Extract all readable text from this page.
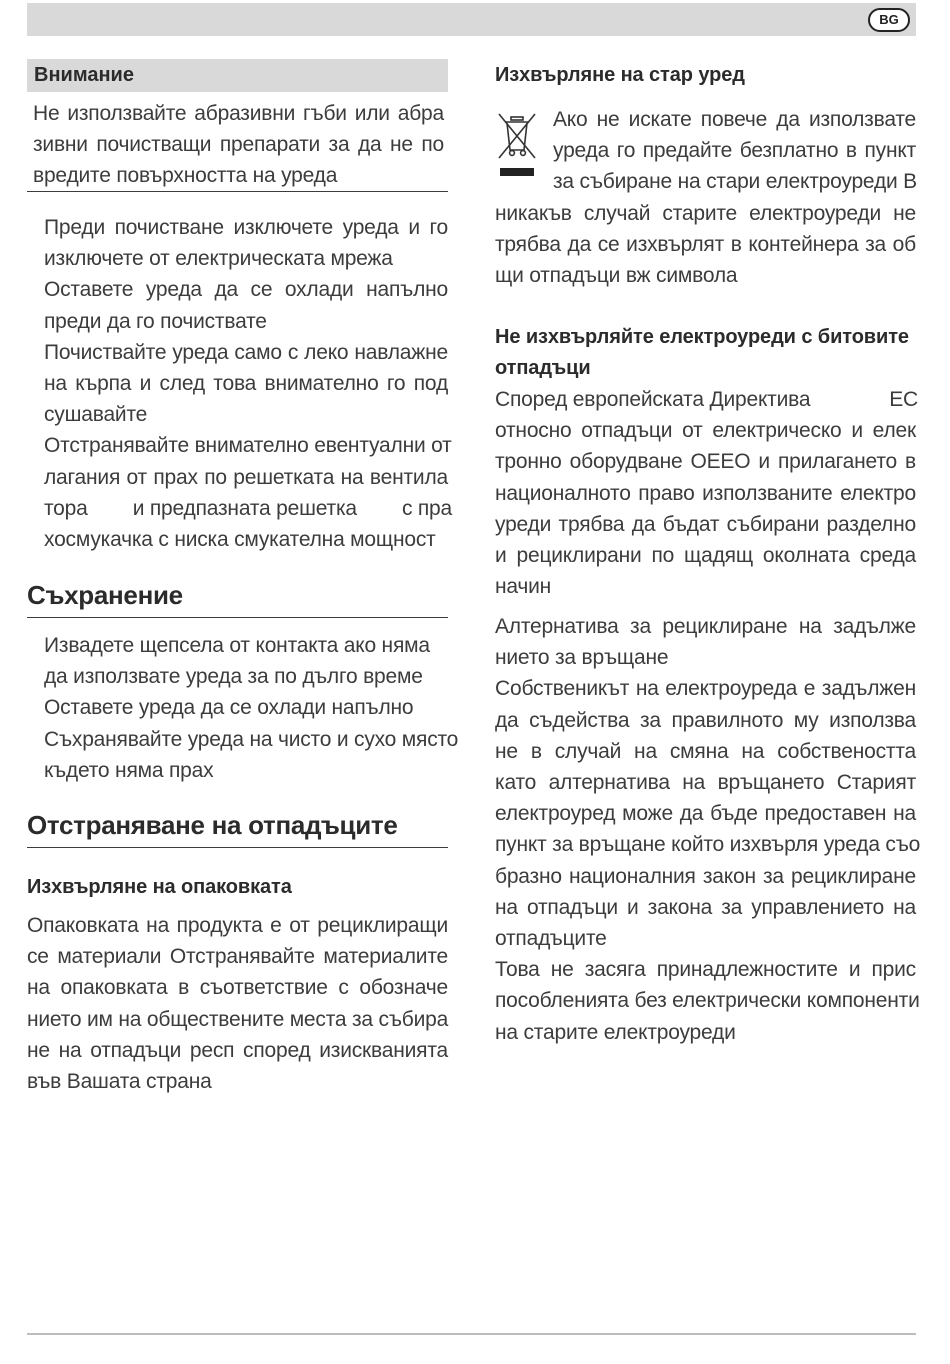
BG
Внимание
Не използвайте абразивни гъби или абра
зивни почистващи препарати за да не по
вредите повърхността на уреда
Преди почистване изключете уреда и го
изключете от електрическата мрежа
Оставете уреда да се охлади напълно
преди да го почиствате
Почиствайте уреда само с леко навлажне
на кърпа и след това внимателно го под
сушавайте
Отстранявайте внимателно евентуални от
лагания от прах по решетката на вентила
тора        и предпазната решетка        с пра
хосмукачка с ниска смукателна мощност
Съхранение
Извадете щепсела от контакта ако няма
да използвате уреда за по дълго време
Оставете уреда да се охлади напълно
Съхранявайте уреда на чисто и сухо място
където няма прах
Отстраняване на отпадъците
Изхвърляне на опаковката
Опаковката на продукта е от рециклиращи
се материали Отстранявайте материалите
на опаковката в съответствие с обозначе
нието им на обществените места за събира
не на отпадъци респ според изискванията
във Вашата страна
Изхвърляне на стар уред
Ако не искате повече да използвате
уреда го предайте безплатно в пункт
за събиране на стари електроуреди В
никакъв случай старите електроуреди не
трябва да се изхвърлят в контейнера за об
щи отпадъци вж символа
Не изхвърляйте електроуреди с битовите
отпадъци
Според европейската Директива              ЕС
относно отпадъци от електрическо и елек
тронно оборудване ОЕЕО и прилагането в
националното право използваните електро
уреди трябва да бъдат събирани разделно
и рециклирани по щадящ околната среда
начин
Алтернатива за рециклиране на задълже
нието за връщане
Собственикът на електроуреда е задължен
да съдейства за правилното му използва
не в случай на смяна на собствеността
като алтернатива на връщането Старият
електроуред може да бъде предоставен на
пункт за връщане който изхвърля уреда съо
бразно националния закон за рециклиране
на отпадъци и закона за управлението на
отпадъците
Това не засяга принадлежностите и прис
пособленията без електрически компоненти
на старите електроуреди
